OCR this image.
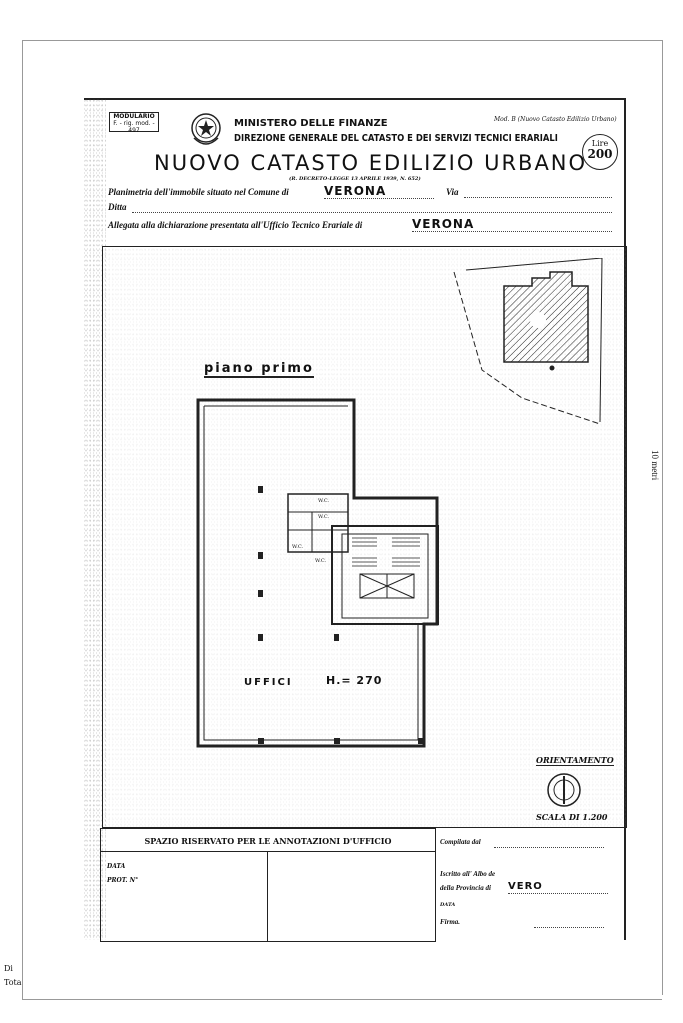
10 metri
Di
Tota
MODULARIO
F. - rig. mod. - 497
MINISTERO DELLE FINANZE	Mod. B (Nuovo Catasto Edilizio Urbano)
DIREZIONE GENERALE DEL CATASTO E DEI SERVIZI TECNICI ERARIALI	Lire
200
NUOVO CATASTO EDILIZIO URBANO
(R. DECRETO-LEGGE 13 APRILE 1939, N. 652)
Planimetria dell'immobile situato nel Comune di	VERONA	Via
Ditta
Allegata alla dichiarazione presentata all'Ufficio Tecnico Erariale di	VERONA
piano primo
W.C.
W.C.
W.C.
W.C.
UFFICI	H.= 270
ORIENTAMENTO
SCALA DI 1.200
SPAZIO RISERVATO PER LE ANNOTAZIONI D'UFFICIO
DATA
PROT. N°
Compilata dal
Iscritto all' Albo de
della Provincia di VERO
DATA
Firma.
